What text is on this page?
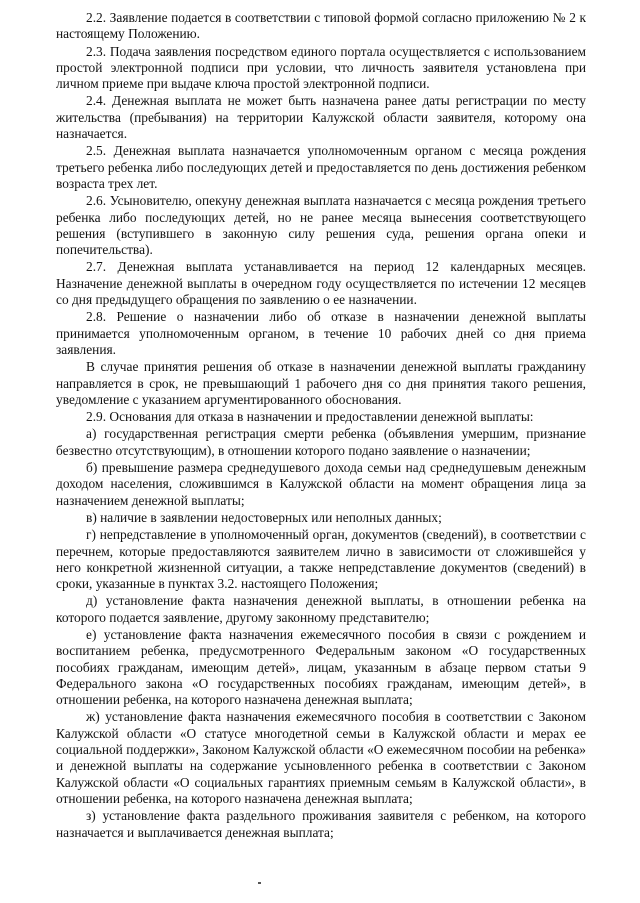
2.2. Заявление подается в соответствии с типовой формой согласно приложению № 2 к настоящему Положению.

2.3. Подача заявления посредством единого портала осуществляется с использованием простой электронной подписи при условии, что личность заявителя установлена при личном приеме при выдаче ключа простой электронной подписи.

2.4. Денежная выплата не может быть назначена ранее даты регистрации по месту жительства (пребывания) на территории Калужской области заявителя, которому она назначается.

2.5. Денежная выплата назначается уполномоченным органом с месяца рождения третьего ребенка либо последующих детей и предоставляется по день достижения ребенком возраста трех лет.

2.6. Усыновителю, опекуну денежная выплата назначается с месяца рождения третьего ребенка либо последующих детей, но не ранее месяца вынесения соответствующего решения (вступившего в законную силу решения суда, решения органа опеки и попечительства).

2.7. Денежная выплата устанавливается на период 12 календарных месяцев. Назначение денежной выплаты в очередном году осуществляется по истечении 12 месяцев со дня предыдущего обращения по заявлению о ее назначении.

2.8. Решение о назначении либо об отказе в назначении денежной выплаты принимается уполномоченным органом, в течение 10 рабочих дней со дня приема заявления.

В случае принятия решения об отказе в назначении денежной выплаты гражданину направляется в срок, не превышающий 1 рабочего дня со дня принятия такого решения, уведомление с указанием аргументированного обоснования.

2.9. Основания для отказа в назначении и предоставлении денежной выплаты:

а) государственная регистрация смерти ребенка (объявления умершим, признание безвестно отсутствующим), в отношении которого подано заявление о назначении;

б) превышение размера среднедушевого дохода семьи над среднедушевым денежным доходом населения, сложившимся в Калужской области на момент обращения лица за назначением денежной выплаты;

в) наличие в заявлении недостоверных или неполных данных;

г) непредставление в уполномоченный орган, документов (сведений), в соответствии с перечнем, которые предоставляются заявителем лично в зависимости от сложившейся у него конкретной жизненной ситуации, а также непредставление документов (сведений) в сроки, указанные в пунктах 3.2. настоящего Положения;

д) установление факта назначения денежной выплаты, в отношении ребенка на которого подается заявление, другому законному представителю;

е) установление факта назначения ежемесячного пособия в связи с рождением и воспитанием ребенка, предусмотренного Федеральным законом «О государственных пособиях гражданам, имеющим детей», лицам, указанным в абзаце первом статьи 9 Федерального закона «О государственных пособиях гражданам, имеющим детей», в отношении ребенка, на которого назначена денежная выплата;

ж) установление факта назначения ежемесячного пособия в соответствии с Законом Калужской области «О статусе многодетной семьи в Калужской области и мерах ее социальной поддержки», Законом Калужской области «О ежемесячном пособии на ребенка» и денежной выплаты на содержание усыновленного ребенка в соответствии с Законом Калужской области «О социальных гарантиях приемным семьям в Калужской области», в отношении ребенка, на которого назначена денежная выплата;

з) установление факта раздельного проживания заявителя с ребенком, на которого назначается и выплачивается денежная выплата;
